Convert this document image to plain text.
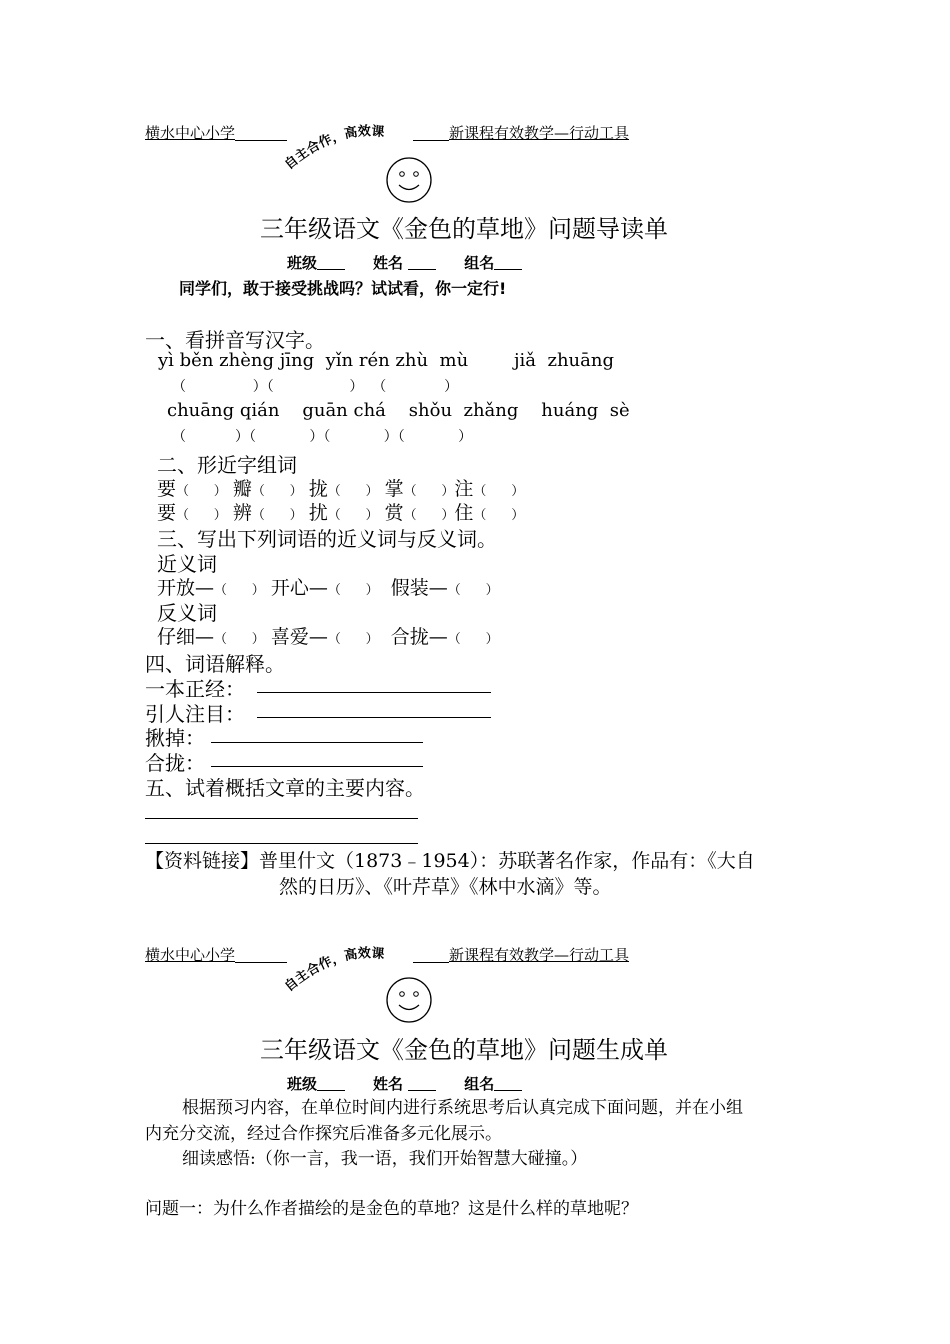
横水中心小学	新课程有效教学—行动工具
自主合作，高效课
三年级语文《金色的草地》问题导读单
班级	姓名	组名
同学们，敢于接受挑战吗？试试看，你一定行!
一、看拼音写汉字。
yì běn zhèng jīng  yǐn rén zhù  mù        jiǎ  zhuāng
（               ）（                 ）  （             ）
chuāng qián    guān chá    shǒu  zhǎng    huáng  sè
（           ）（            ）（            ）（            ）
二、形近字组词
要（      ） 瓣（      ） 拢（      ） 掌（      ）注（      ）
要（      ） 辨（      ） 扰（      ） 赏（      ）住（      ）
三、写出下列词语的近义词与反义词。
近义词
开放—（      ） 开心—（      ） 假装—（      ）
反义词
仔细—（      ） 喜爱—（      ） 合拢—（      ）
四、词语解释。
一本正经：
引人注目：
揪掉：
合拢：
五、试着概括文章的主要内容。
【资料链接】普里什文（1873﹣1954）：苏联著名作家，作品有：《大自
然的日历》、《叶芹草》《林中水滴》等。
横水中心小学	新课程有效教学—行动工具
自主合作，高效课
三年级语文《金色的草地》问题生成单
班级	姓名	组名
根据预习内容，在单位时间内进行系统思考后认真完成下面问题，并在小组
内充分交流，经过合作探究后准备多元化展示。
细读感悟:（你一言，我一语，我们开始智慧大碰撞。）
问题一：为什么作者描绘的是金色的草地？这是什么样的草地呢？
